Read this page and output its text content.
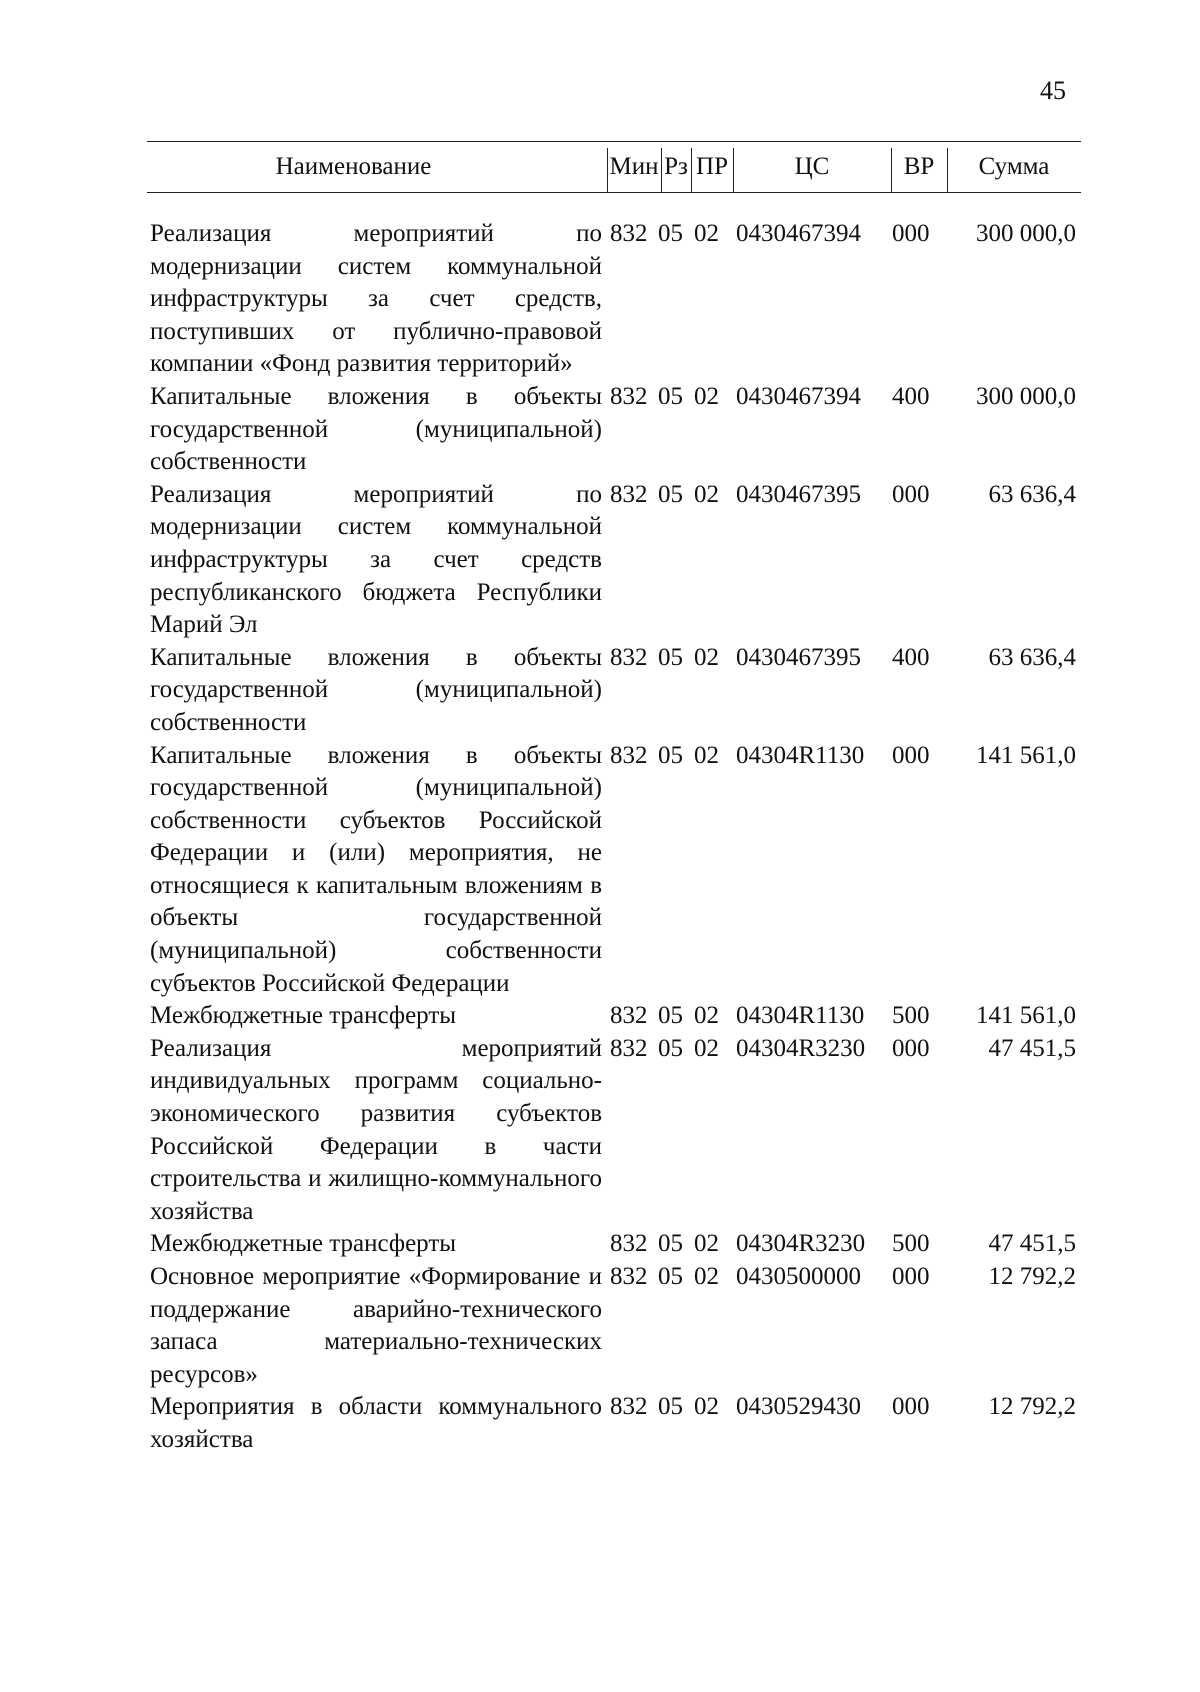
45
Наименование	Мин Рз ПР	ЦС	ВР	Сумма
Реализация мероприятий по модернизации систем коммунальной инфраструктуры за счет средств, поступивших от публично-правовой компании «Фонд развития территорий»
832 05 02 0430467394	000	300 000,0
Капитальные вложения в объекты государственной (муниципальной) собственности
832 05 02 0430467394	400	300 000,0
Реализация мероприятий по модернизации систем коммунальной инфраструктуры за счет средств республиканского бюджета Республики Марий Эл
832 05 02 0430467395	000	63 636,4
Капитальные вложения в объекты государственной (муниципальной) собственности
832 05 02 0430467395	400	63 636,4
Капитальные вложения в объекты государственной (муниципальной) собственности субъектов Российской Федерации и (или) мероприятия, не относящиеся к капитальным вложениям в объекты государственной (муниципальной) собственности субъектов Российской Федерации
832 05 02 04304R1130	000	141 561,0
Межбюджетные трансферты	832 05 02 04304R1130	500	141 561,0
Реализация мероприятий индивидуальных программ социально-экономического развития субъектов Российской Федерации в части строительства и жилищно-коммунального хозяйства
832 05 02 04304R3230	000	47 451,5
Межбюджетные трансферты	832 05 02 04304R3230	500	47 451,5
Основное мероприятие «Формирование и поддержание аварийно-технического запаса материально-технических ресурсов»
832 05 02 0430500000	000	12 792,2
Мероприятия в области коммунального хозяйства
832 05 02 0430529430	000	12 792,2
